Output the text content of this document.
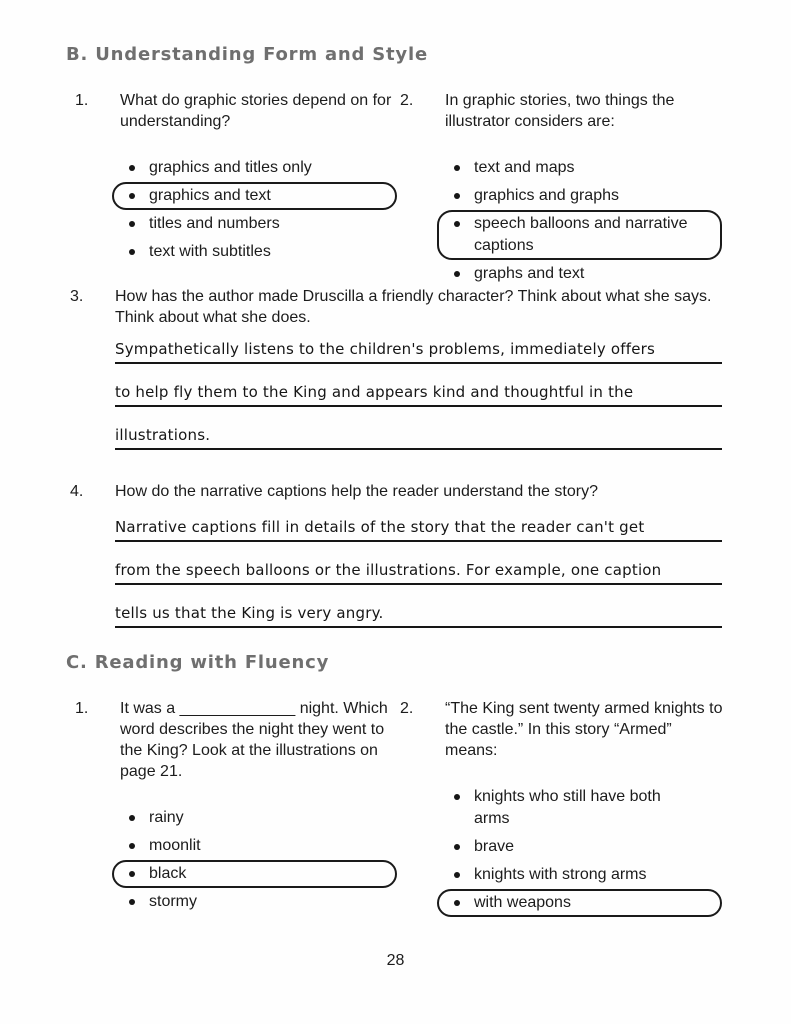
B. Understanding Form and Style
1.	What do graphic stories depend on for understanding?
graphics and titles only
graphics and text
titles and numbers
text with subtitles
2.	In graphic stories, two things the illustrator considers are:
text and maps
graphics and graphs
speech balloons and narrative captions
graphs and text
3.	How has the author made Druscilla a friendly character? Think about what she says. Think about what she does.
Sympathetically listens to the children's problems, immediately offers
to help fly them to the King and appears kind and thoughtful in the
illustrations.
4.	How do the narrative captions help the reader understand the story?
Narrative captions fill in details of the story that the reader can't get
from the speech balloons or the illustrations. For example, one caption
tells us that the King is very angry.
C. Reading with Fluency
1.	It was a _____________ night. Which word describes the night they went to the King? Look at the illustrations on page 21.
rainy
moonlit
black
stormy
2.	“The King sent twenty armed knights to the castle.” In this story “Armed” means:
knights who still have both arms
brave
knights with strong arms
with weapons
28
